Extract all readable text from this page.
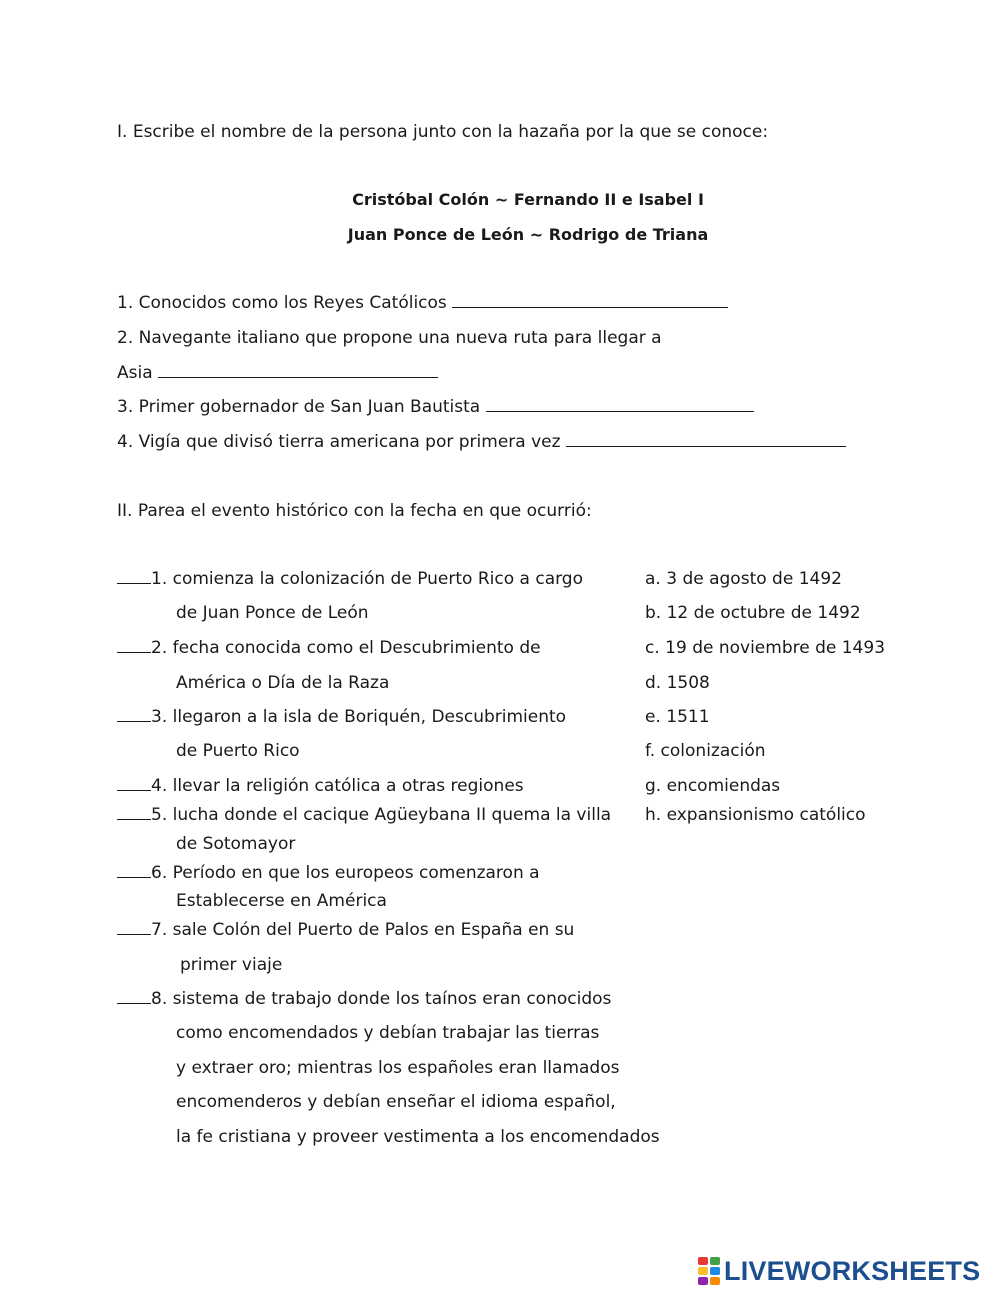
I. Escribe el nombre de la persona junto con la hazaña por la que se conoce:
Cristóbal Colón ~ Fernando II e Isabel I
Juan Ponce de León ~ Rodrigo de Triana
1. Conocidos como los Reyes Católicos
2. Navegante italiano que propone una nueva ruta para llegar a
Asia
3. Primer gobernador de San Juan Bautista
4. Vigía que divisó tierra americana por primera vez
II. Parea el evento histórico con la fecha en que ocurrió:
1. comienza la colonización de Puerto Rico a cargo
de Juan Ponce de León
2. fecha conocida como el Descubrimiento de
América o Día de la Raza
3. llegaron a la isla de Boriquén, Descubrimiento
de Puerto Rico
4. llevar la religión católica a otras regiones
5. lucha donde el cacique Agüeybana II quema la villa
de Sotomayor
6. Período en que los europeos comenzaron a
Establecerse en América
7. sale Colón del Puerto de Palos en España en su
primer viaje
8. sistema de trabajo donde los taínos eran conocidos
como encomendados y debían trabajar las tierras
y extraer oro; mientras los españoles eran llamados
encomenderos y debían enseñar el idioma español,
la fe cristiana y proveer vestimenta a los encomendados
a. 3 de agosto de 1492
b. 12 de octubre de 1492
c. 19 de noviembre de 1493
d. 1508
e. 1511
f. colonización
g. encomiendas
h. expansionismo católico
LIVEWORKSHEETS
